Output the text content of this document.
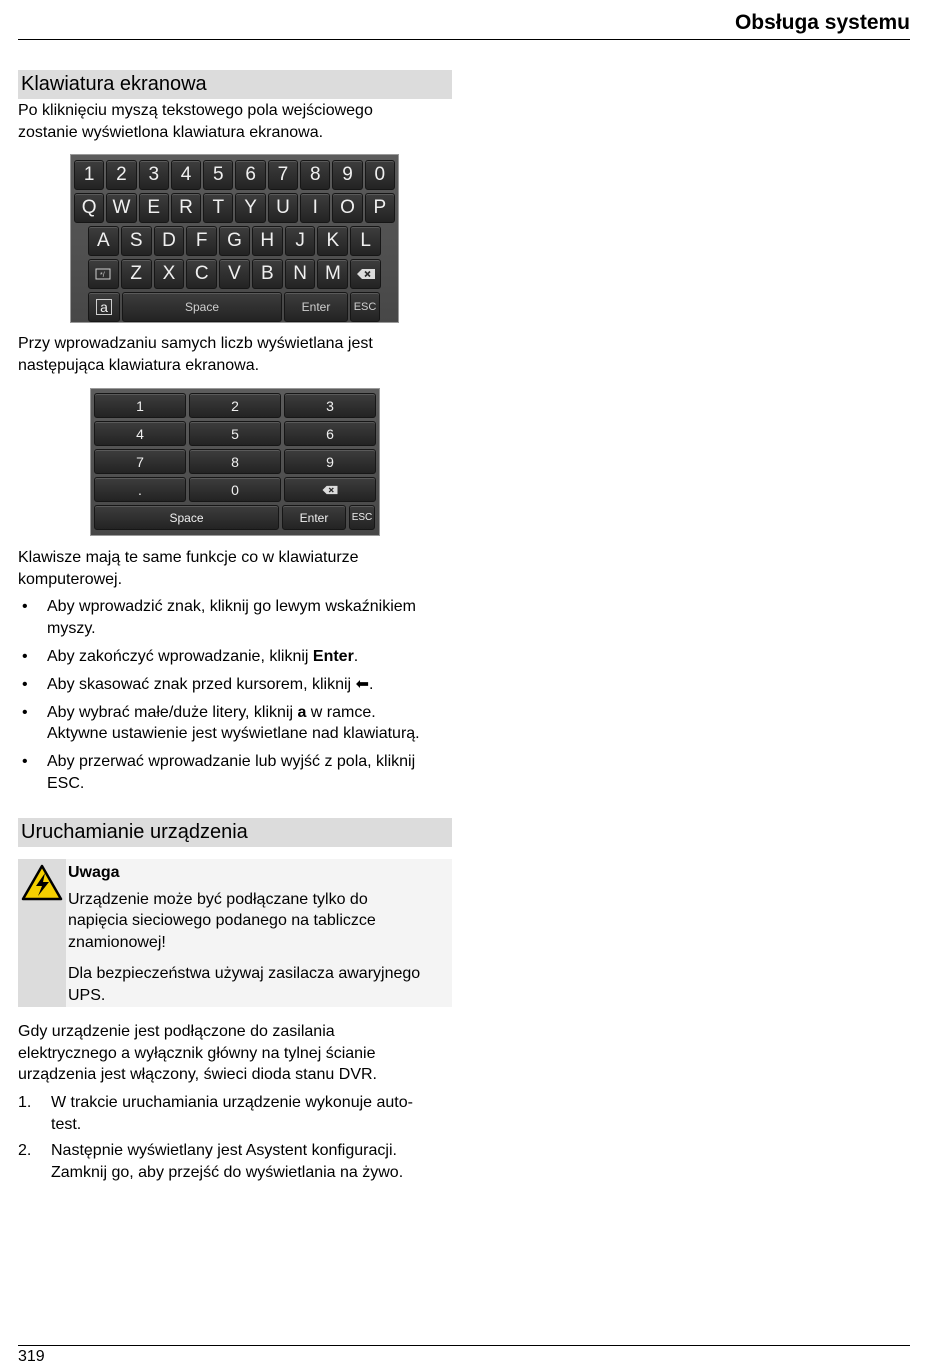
Obsługa systemu
Klawiatura ekranowa
Po kliknięciu myszą tekstowego pola wejściowego
zostanie wyświetlona klawiatura ekranowa.
1	2	3	4	5	6	7	8	9	0
Q W E	R	T	Y	U	I	O P
A	S	D	F	G H	J	K	L
*/	Z	X	C	V	B	N M
a	Space	Enter	ESC
Przy wprowadzaniu samych liczb wyświetlana jest
następująca klawiatura ekranowa.
1	2	3
4	5	6
7	8	9
.	0
Space	Enter	ESC
Klawisze mają te same funkcje co w klawiaturze
komputerowej.
•	Aby wprowadzić znak, kliknij go lewym wskaźnikiem
myszy.
•	Aby zakończyć wprowadzanie, kliknij Enter.
•	Aby skasować znak przed kursorem, kliknij ⬅.
•	Aby wybrać małe/duże litery, kliknij a w ramce.
Aktywne ustawienie jest wyświetlane nad klawiaturą.
•	Aby przerwać wprowadzanie lub wyjść z pola, kliknij
ESC.
Uruchamianie urządzenia
Uwaga
Urządzenie może być podłączane tylko do
napięcia sieciowego podanego na tabliczce
znamionowej!
Dla bezpieczeństwa używaj zasilacza awaryjnego
UPS.
Gdy urządzenie jest podłączone do zasilania
elektrycznego a wyłącznik główny na tylnej ścianie
urządzenia jest włączony, świeci dioda stanu DVR.
1.	W trakcie uruchamiania urządzenie wykonuje auto-
test.
2.	Następnie wyświetlany jest Asystent konfiguracji.
Zamknij go, aby przejść do wyświetlania na żywo.
319
